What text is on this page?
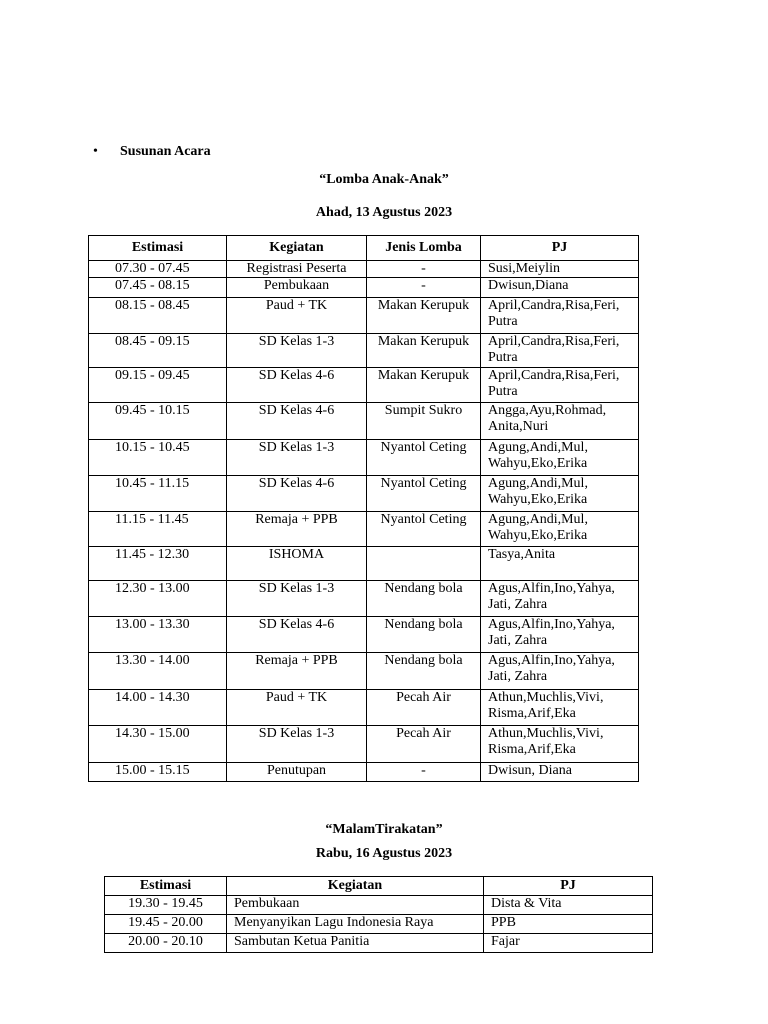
• Susunan Acara
“Lomba Anak-Anak”
Ahad, 13 Agustus 2023
Estimasi	Kegiatan	Jenis Lomba	PJ
07.30 - 07.45	Registrasi Peserta	-	Susi,Meiylin
07.45 - 08.15	Pembukaan	-	Dwisun,Diana
08.15 - 08.45	Paud + TK	Makan Kerupuk	April,Candra,Risa,Feri, Putra
08.45 - 09.15	SD Kelas 1-3	Makan Kerupuk	April,Candra,Risa,Feri, Putra
09.15 - 09.45	SD Kelas 4-6	Makan Kerupuk	April,Candra,Risa,Feri, Putra
09.45 - 10.15	SD Kelas 4-6	Sumpit Sukro	Angga,Ayu,Rohmad, Anita,Nuri
10.15 - 10.45	SD Kelas 1-3	Nyantol Ceting	Agung,Andi,Mul, Wahyu,Eko,Erika
10.45 - 11.15	SD Kelas 4-6	Nyantol Ceting	Agung,Andi,Mul, Wahyu,Eko,Erika
11.15 - 11.45	Remaja + PPB	Nyantol Ceting	Agung,Andi,Mul, Wahyu,Eko,Erika
11.45 - 12.30	ISHOMA		Tasya,Anita
12.30 - 13.00	SD Kelas 1-3	Nendang bola	Agus,Alfin,Ino,Yahya, Jati, Zahra
13.00 - 13.30	SD Kelas 4-6	Nendang bola	Agus,Alfin,Ino,Yahya, Jati, Zahra
13.30 - 14.00	Remaja + PPB	Nendang bola	Agus,Alfin,Ino,Yahya, Jati, Zahra
14.00 - 14.30	Paud + TK	Pecah Air	Athun,Muchlis,Vivi, Risma,Arif,Eka
14.30 - 15.00	SD Kelas 1-3	Pecah Air	Athun,Muchlis,Vivi, Risma,Arif,Eka
15.00 - 15.15	Penutupan	-	Dwisun, Diana
“MalamTirakatan”
Rabu, 16 Agustus 2023
Estimasi	Kegiatan	PJ
19.30 - 19.45	Pembukaan	Dista & Vita
19.45 - 20.00	Menyanyikan Lagu Indonesia Raya	PPB
20.00 - 20.10	Sambutan Ketua Panitia	Fajar
